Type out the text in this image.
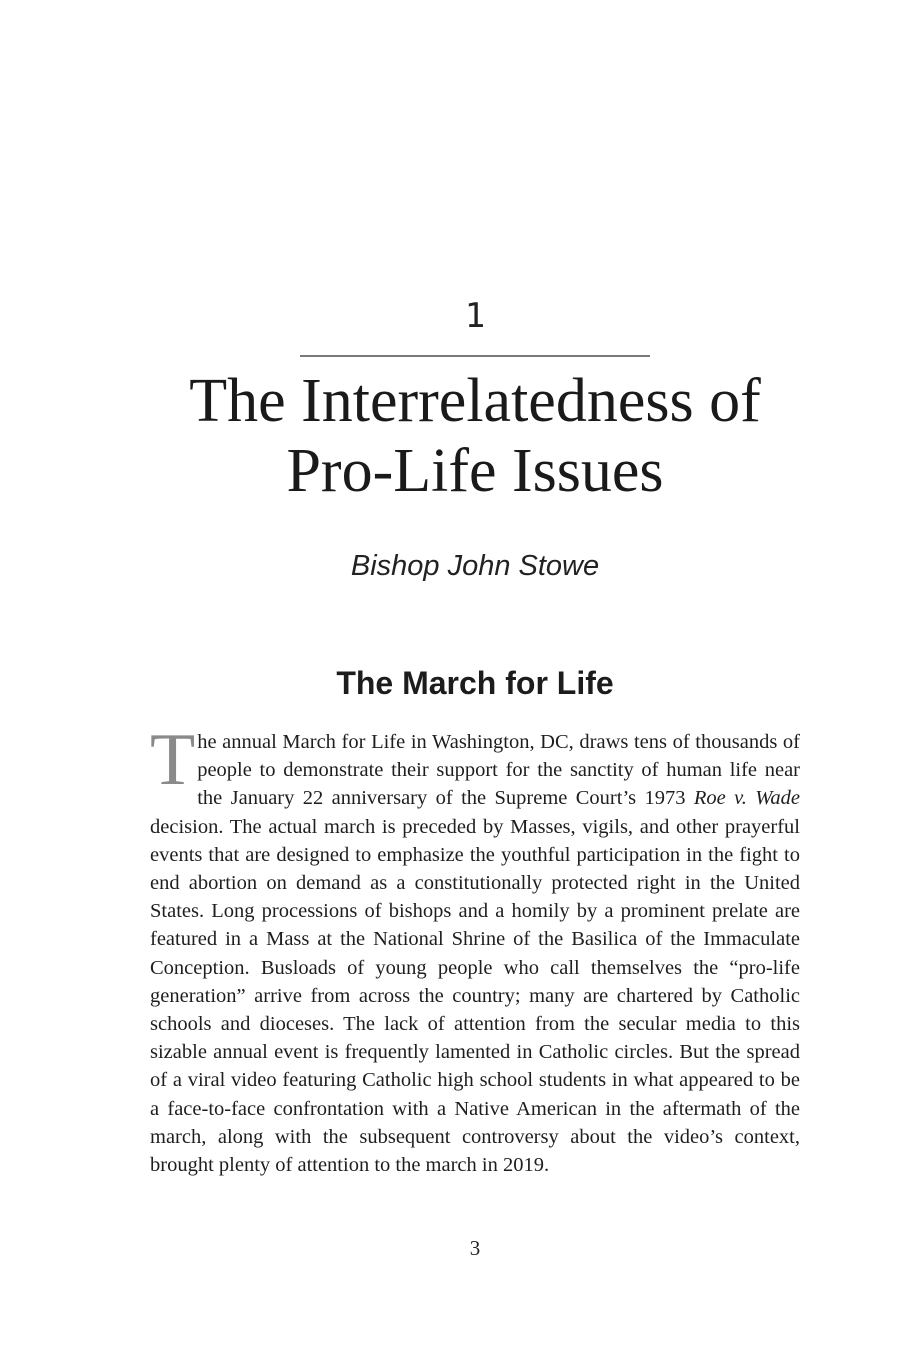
1
The Interrelatedness of
Pro-Life Issues
Bishop John Stowe
The March for Life

The annual March for Life in Washington, DC, draws tens of thousands of people to demonstrate their support for the sanctity of human life near the January 22 anniversary of the Supreme Court’s 1973 Roe v. Wade decision. The actual march is preceded by Masses, vigils, and other prayerful events that are designed to emphasize the youthful participation in the fight to end abortion on demand as a constitutionally protected right in the United States. Long processions of bishops and a homily by a prominent prelate are featured in a Mass at the National Shrine of the Basilica of the Immaculate Conception. Busloads of young people who call themselves the “pro-life generation” arrive from across the country; many are chartered by Catholic schools and dioceses. The lack of attention from the secular media to this sizable annual event is frequently lamented in Catholic circles. But the spread of a viral video featuring Catholic high school students in what appeared to be a face-to-face confrontation with a Native American in the aftermath of the march, along with the subsequent controversy about the video’s context, brought plenty of attention to the march in 2019.

3
